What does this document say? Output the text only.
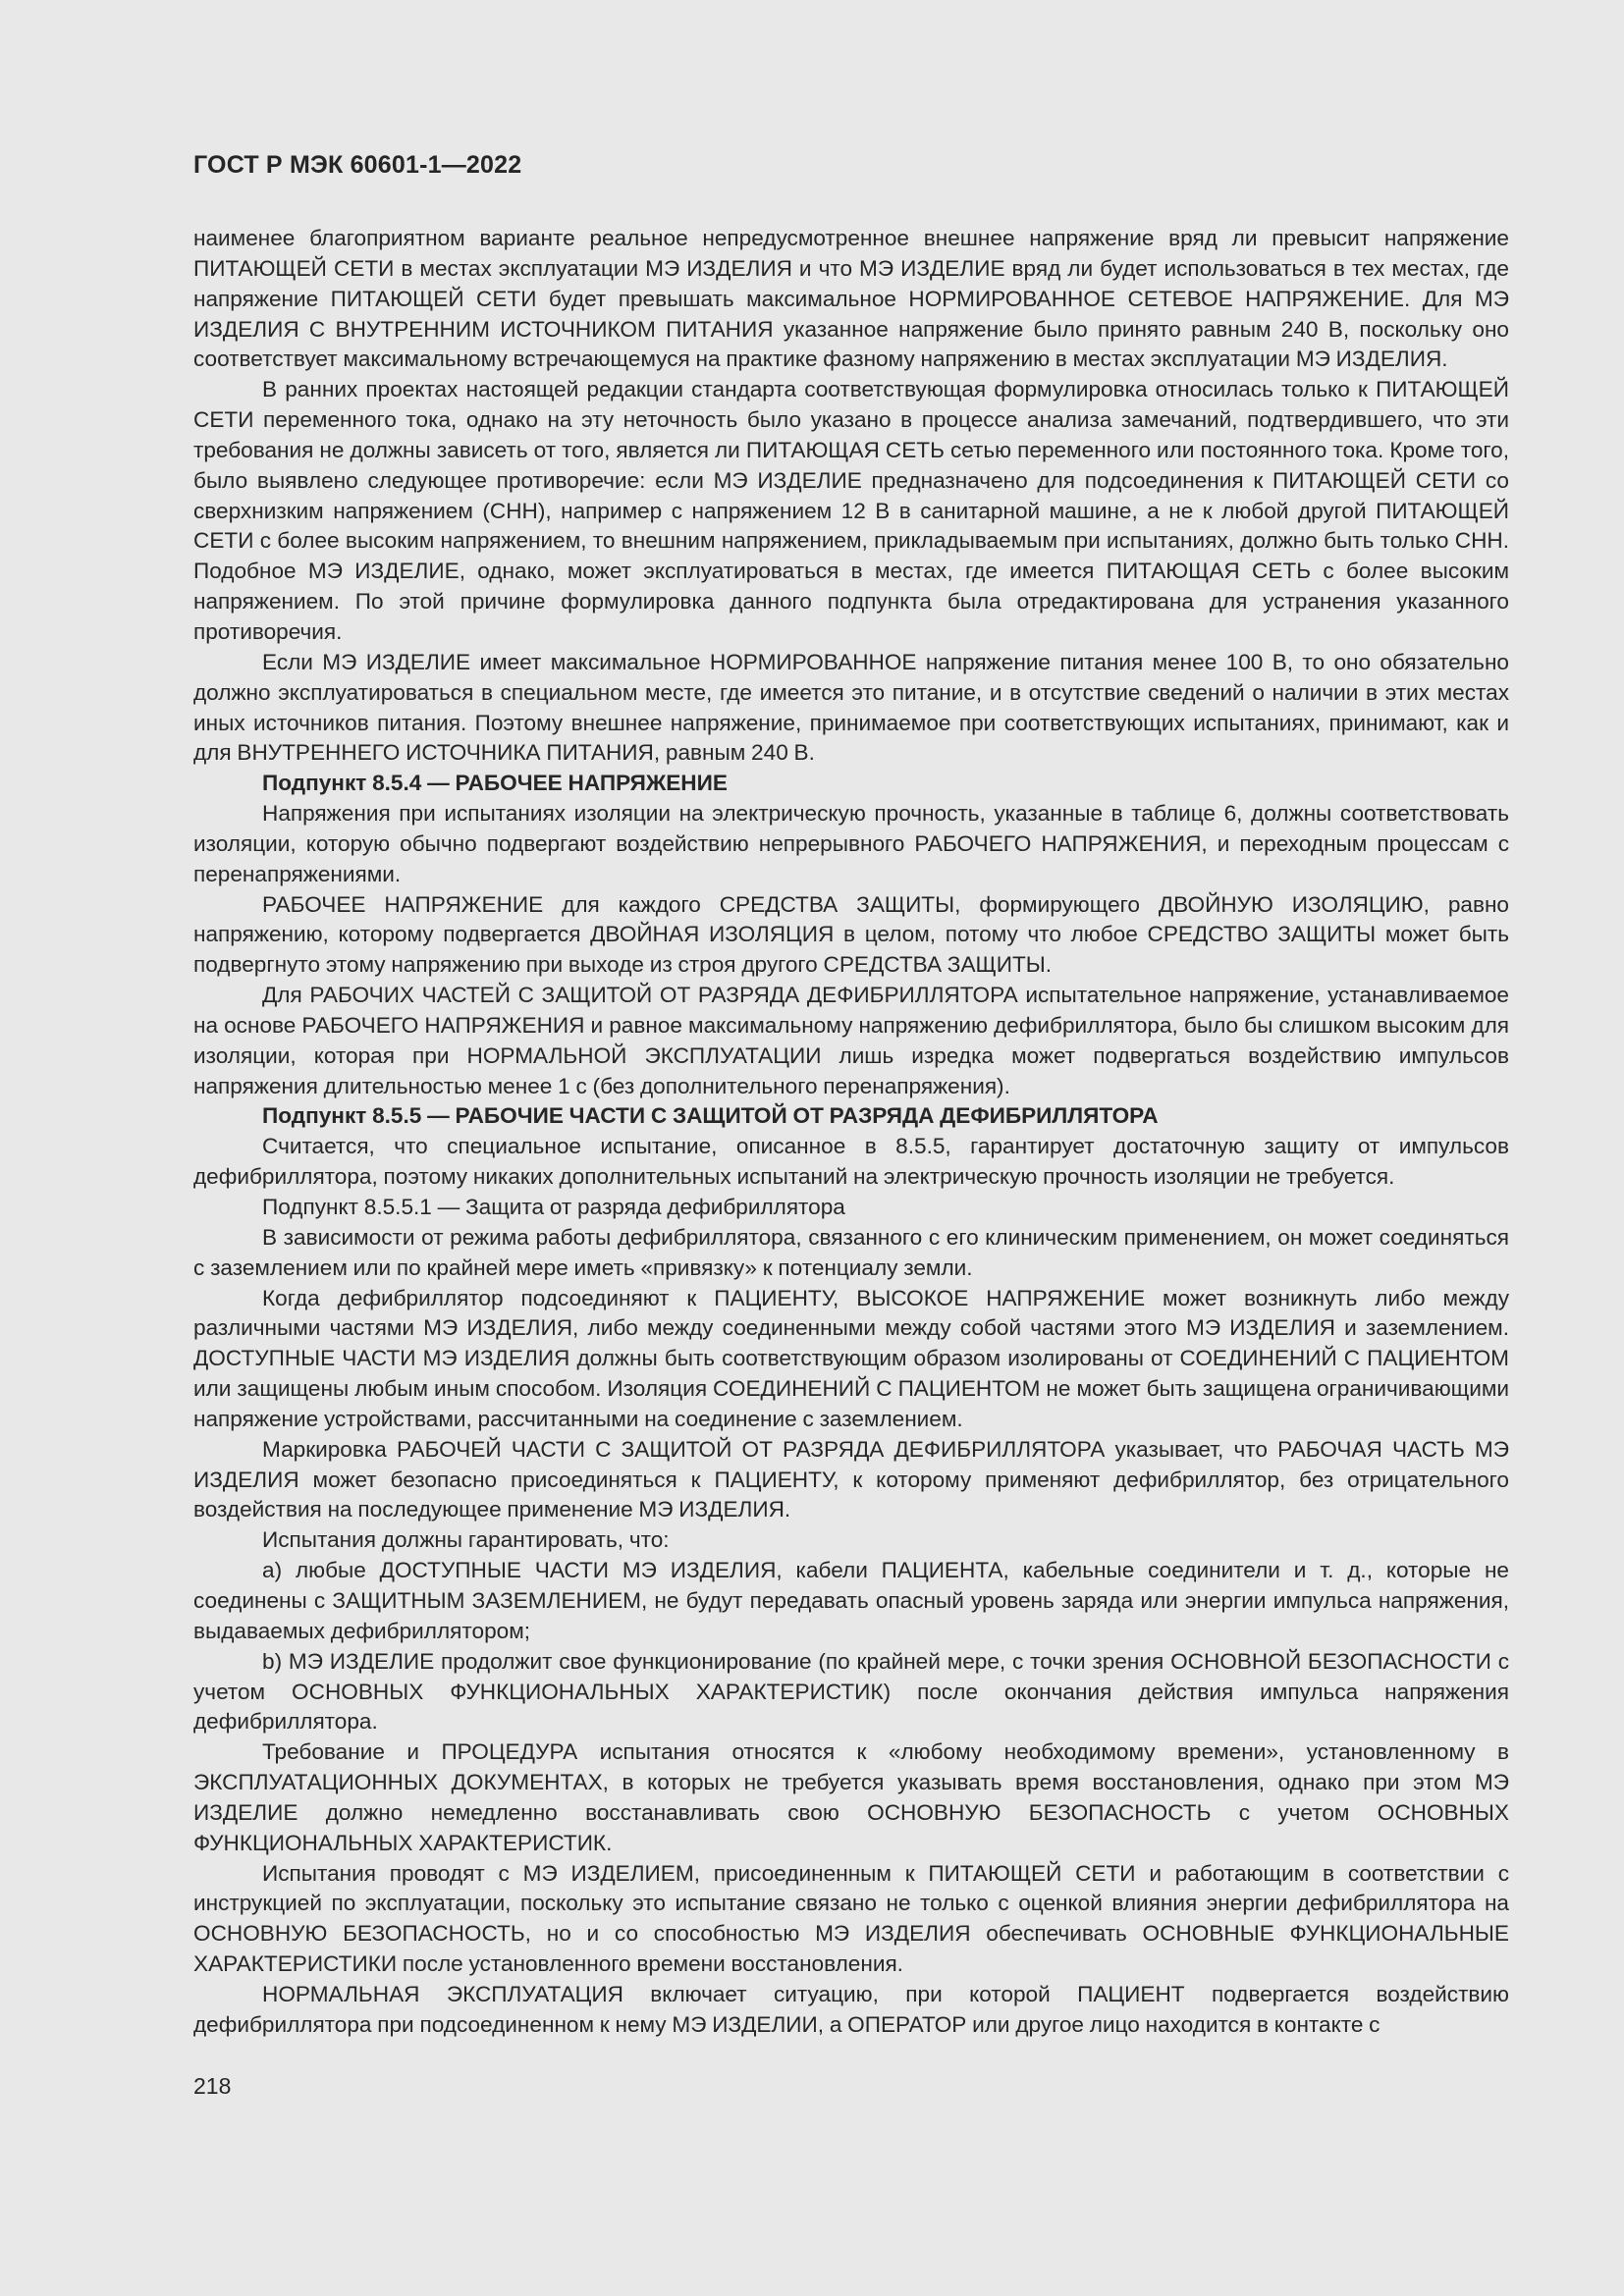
ГОСТ Р МЭК 60601-1—2022

наименее благоприятном варианте реальное непредусмотренное внешнее напряжение вряд ли превысит напряжение ПИТАЮЩЕЙ СЕТИ в местах эксплуатации МЭ ИЗДЕЛИЯ и что МЭ ИЗДЕЛИЕ вряд ли будет использоваться в тех местах, где напряжение ПИТАЮЩЕЙ СЕТИ будет превышать максимальное НОРМИРОВАННОЕ СЕТЕВОЕ НАПРЯЖЕНИЕ. Для МЭ ИЗДЕЛИЯ С ВНУТРЕННИМ ИСТОЧНИКОМ ПИТАНИЯ указанное напряжение было принято равным 240 В, поскольку оно соответствует максимальному встречающемуся на практике фазному напряжению в местах эксплуатации МЭ ИЗДЕЛИЯ.

В ранних проектах настоящей редакции стандарта соответствующая формулировка относилась только к ПИТАЮЩЕЙ СЕТИ переменного тока, однако на эту неточность было указано в процессе анализа замечаний, подтвердившего, что эти требования не должны зависеть от того, является ли ПИТАЮЩАЯ СЕТЬ сетью переменного или постоянного тока. Кроме того, было выявлено следующее противоречие: если МЭ ИЗДЕЛИЕ предназначено для подсоединения к ПИТАЮЩЕЙ СЕТИ со сверхнизким напряжением (СНН), например с напряжением 12 В в санитарной машине, а не к любой другой ПИТАЮЩЕЙ СЕТИ с более высоким напряжением, то внешним напряжением, прикладываемым при испытаниях, должно быть только СНН. Подобное МЭ ИЗДЕЛИЕ, однако, может эксплуатироваться в местах, где имеется ПИТАЮЩАЯ СЕТЬ с более высоким напряжением. По этой причине формулировка данного подпункта была отредактирована для устранения указанного противоречия.

Если МЭ ИЗДЕЛИЕ имеет максимальное НОРМИРОВАННОЕ напряжение питания менее 100 В, то оно обязательно должно эксплуатироваться в специальном месте, где имеется это питание, и в отсутствие сведений о наличии в этих местах иных источников питания. Поэтому внешнее напряжение, принимаемое при соответствующих испытаниях, принимают, как и для ВНУТРЕННЕГО ИСТОЧНИКА ПИТАНИЯ, равным 240 В.

Подпункт 8.5.4 — РАБОЧЕЕ НАПРЯЖЕНИЕ

Напряжения при испытаниях изоляции на электрическую прочность, указанные в таблице 6, должны соответствовать изоляции, которую обычно подвергают воздействию непрерывного РАБОЧЕГО НАПРЯЖЕНИЯ, и переходным процессам с перенапряжениями.

РАБОЧЕЕ НАПРЯЖЕНИЕ для каждого СРЕДСТВА ЗАЩИТЫ, формирующего ДВОЙНУЮ ИЗОЛЯЦИЮ, равно напряжению, которому подвергается ДВОЙНАЯ ИЗОЛЯЦИЯ в целом, потому что любое СРЕДСТВО ЗАЩИТЫ может быть подвергнуто этому напряжению при выходе из строя другого СРЕДСТВА ЗАЩИТЫ.

Для РАБОЧИХ ЧАСТЕЙ С ЗАЩИТОЙ ОТ РАЗРЯДА ДЕФИБРИЛЛЯТОРА испытательное напряжение, устанавливаемое на основе РАБОЧЕГО НАПРЯЖЕНИЯ и равное максимальному напряжению дефибриллятора, было бы слишком высоким для изоляции, которая при НОРМАЛЬНОЙ ЭКСПЛУАТАЦИИ лишь изредка может подвергаться воздействию импульсов напряжения длительностью менее 1 с (без дополнительного перенапряжения).

Подпункт 8.5.5 — РАБОЧИЕ ЧАСТИ С ЗАЩИТОЙ ОТ РАЗРЯДА ДЕФИБРИЛЛЯТОРА

Считается, что специальное испытание, описанное в 8.5.5, гарантирует достаточную защиту от импульсов дефибриллятора, поэтому никаких дополнительных испытаний на электрическую прочность изоляции не требуется.

Подпункт 8.5.5.1 — Защита от разряда дефибриллятора

В зависимости от режима работы дефибриллятора, связанного с его клиническим применением, он может соединяться с заземлением или по крайней мере иметь «привязку» к потенциалу земли.

Когда дефибриллятор подсоединяют к ПАЦИЕНТУ, ВЫСОКОЕ НАПРЯЖЕНИЕ может возникнуть либо между различными частями МЭ ИЗДЕЛИЯ, либо между соединенными между собой частями этого МЭ ИЗДЕЛИЯ и заземлением. ДОСТУПНЫЕ ЧАСТИ МЭ ИЗДЕЛИЯ должны быть соответствующим образом изолированы от СОЕДИНЕНИЙ С ПАЦИЕНТОМ или защищены любым иным способом. Изоляция СОЕДИНЕНИЙ С ПАЦИЕНТОМ не может быть защищена ограничивающими напряжение устройствами, рассчитанными на соединение с заземлением.

Маркировка РАБОЧЕЙ ЧАСТИ С ЗАЩИТОЙ ОТ РАЗРЯДА ДЕФИБРИЛЛЯТОРА указывает, что РАБОЧАЯ ЧАСТЬ МЭ ИЗДЕЛИЯ может безопасно присоединяться к ПАЦИЕНТУ, к которому применяют дефибриллятор, без отрицательного воздействия на последующее применение МЭ ИЗДЕЛИЯ.

Испытания должны гарантировать, что:

a) любые ДОСТУПНЫЕ ЧАСТИ МЭ ИЗДЕЛИЯ, кабели ПАЦИЕНТА, кабельные соединители и т. д., которые не соединены с ЗАЩИТНЫМ ЗАЗЕМЛЕНИЕМ, не будут передавать опасный уровень заряда или энергии импульса напряжения, выдаваемых дефибриллятором;

b) МЭ ИЗДЕЛИЕ продолжит свое функционирование (по крайней мере, с точки зрения ОСНОВНОЙ БЕЗОПАСНОСТИ с учетом ОСНОВНЫХ ФУНКЦИОНАЛЬНЫХ ХАРАКТЕРИСТИК) после окончания действия импульса напряжения дефибриллятора.

Требование и ПРОЦЕДУРА испытания относятся к «любому необходимому времени», установленному в ЭКСПЛУАТАЦИОННЫХ ДОКУМЕНТАХ, в которых не требуется указывать время восстановления, однако при этом МЭ ИЗДЕЛИЕ должно немедленно восстанавливать свою ОСНОВНУЮ БЕЗОПАСНОСТЬ с учетом ОСНОВНЫХ ФУНКЦИОНАЛЬНЫХ ХАРАКТЕРИСТИК.

Испытания проводят с МЭ ИЗДЕЛИЕМ, присоединенным к ПИТАЮЩЕЙ СЕТИ и работающим в соответствии с инструкцией по эксплуатации, поскольку это испытание связано не только с оценкой влияния энергии дефибриллятора на ОСНОВНУЮ БЕЗОПАСНОСТЬ, но и со способностью МЭ ИЗДЕЛИЯ обеспечивать ОСНОВНЫЕ ФУНКЦИОНАЛЬНЫЕ ХАРАКТЕРИСТИКИ после установленного времени восстановления.

НОРМАЛЬНАЯ ЭКСПЛУАТАЦИЯ включает ситуацию, при которой ПАЦИЕНТ подвергается воздействию дефибриллятора при подсоединенном к нему МЭ ИЗДЕЛИИ, а ОПЕРАТОР или другое лицо находится в контакте с

218
